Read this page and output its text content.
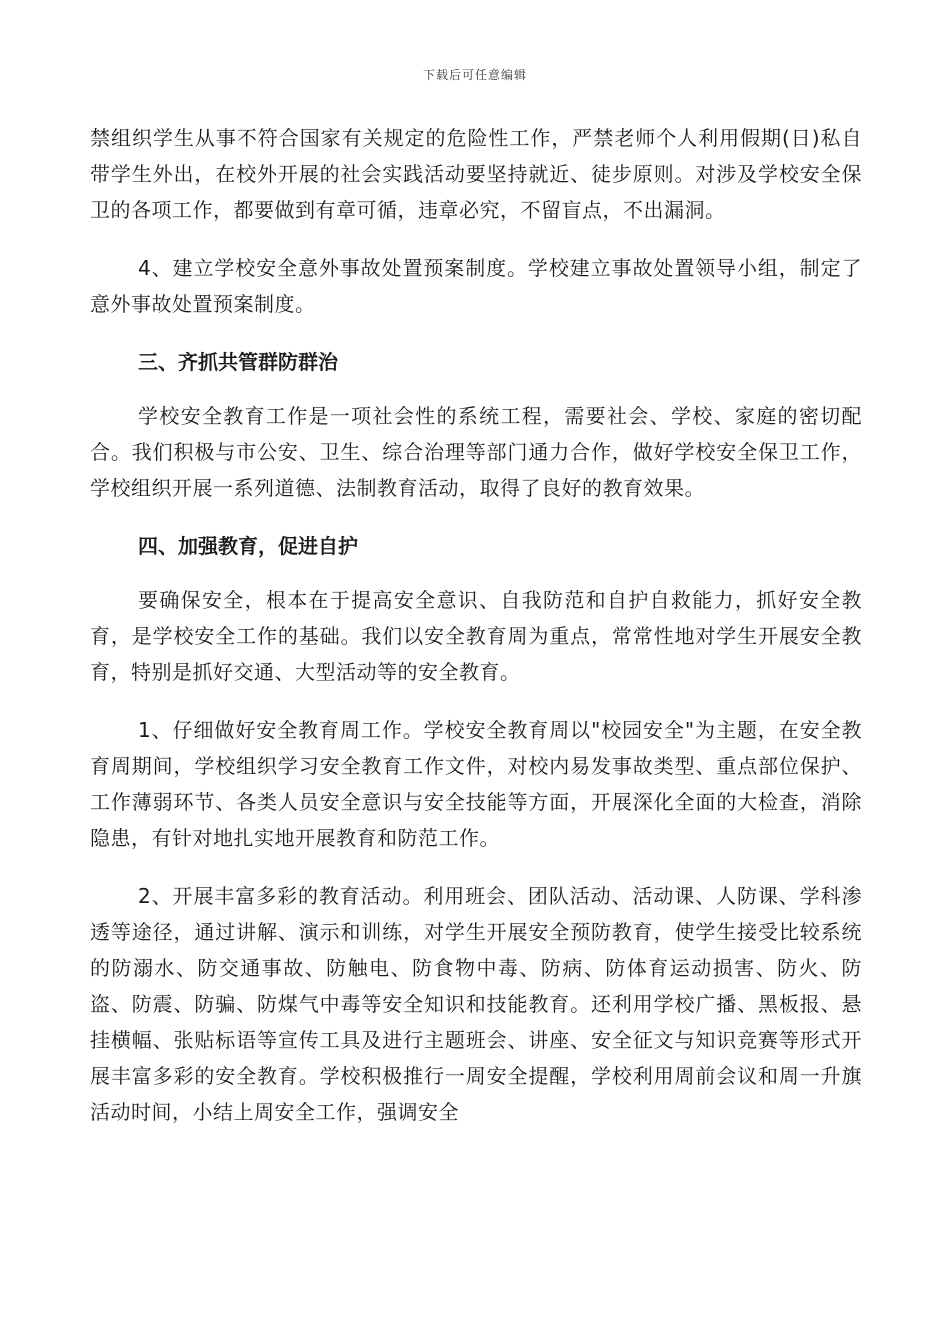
下载后可任意编辑

禁组织学生从事不符合国家有关规定的危险性工作，严禁老师个人利用假期(日)私自带学生外出，在校外开展的社会实践活动要坚持就近、徒步原则。对涉及学校安全保卫的各项工作，都要做到有章可循，违章必究，不留盲点，不出漏洞。

4、建立学校安全意外事故处置预案制度。学校建立事故处置领导小组，制定了意外事故处置预案制度。

三、齐抓共管群防群治

学校安全教育工作是一项社会性的系统工程，需要社会、学校、家庭的密切配合。我们积极与市公安、卫生、综合治理等部门通力合作，做好学校安全保卫工作，学校组织开展一系列道德、法制教育活动，取得了良好的教育效果。

四、加强教育，促进自护

要确保安全，根本在于提高安全意识、自我防范和自护自救能力，抓好安全教育，是学校安全工作的基础。我们以安全教育周为重点，常常性地对学生开展安全教育，特别是抓好交通、大型活动等的安全教育。

1、仔细做好安全教育周工作。学校安全教育周以"校园安全"为主题，在安全教育周期间，学校组织学习安全教育工作文件，对校内易发事故类型、重点部位保护、工作薄弱环节、各类人员安全意识与安全技能等方面，开展深化全面的大检查，消除隐患，有针对地扎实地开展教育和防范工作。

2、开展丰富多彩的教育活动。利用班会、团队活动、活动课、人防课、学科渗透等途径，通过讲解、演示和训练，对学生开展安全预防教育，使学生接受比较系统的防溺水、防交通事故、防触电、防食物中毒、防病、防体育运动损害、防火、防盗、防震、防骗、防煤气中毒等安全知识和技能教育。还利用学校广播、黑板报、悬挂横幅、张贴标语等宣传工具及进行主题班会、讲座、安全征文与知识竞赛等形式开展丰富多彩的安全教育。学校积极推行一周安全提醒，学校利用周前会议和周一升旗活动时间，小结上周安全工作，强调安全
